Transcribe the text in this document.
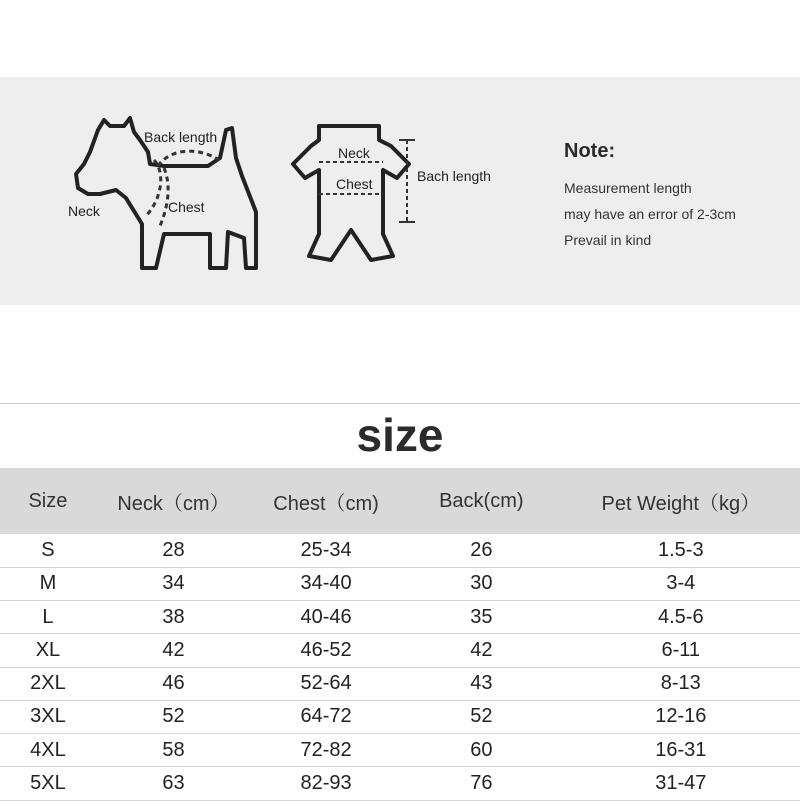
Back length
Neck	Chest
Neck
Chest	Bach length
Note:
Measurement length
may have an error of 2-3cm
Prevail in kind
size
Size	Neck（cm）	Chest（cm)	Back(cm)	Pet Weight（kg）
S	28	25-34	26	1.5-3
M	34	34-40	30	3-4
L	38	40-46	35	4.5-6
XL	42	46-52	42	6-11
2XL	46	52-64	43	8-13
3XL	52	64-72	52	12-16
4XL	58	72-82	60	16-31
5XL	63	82-93	76	31-47
